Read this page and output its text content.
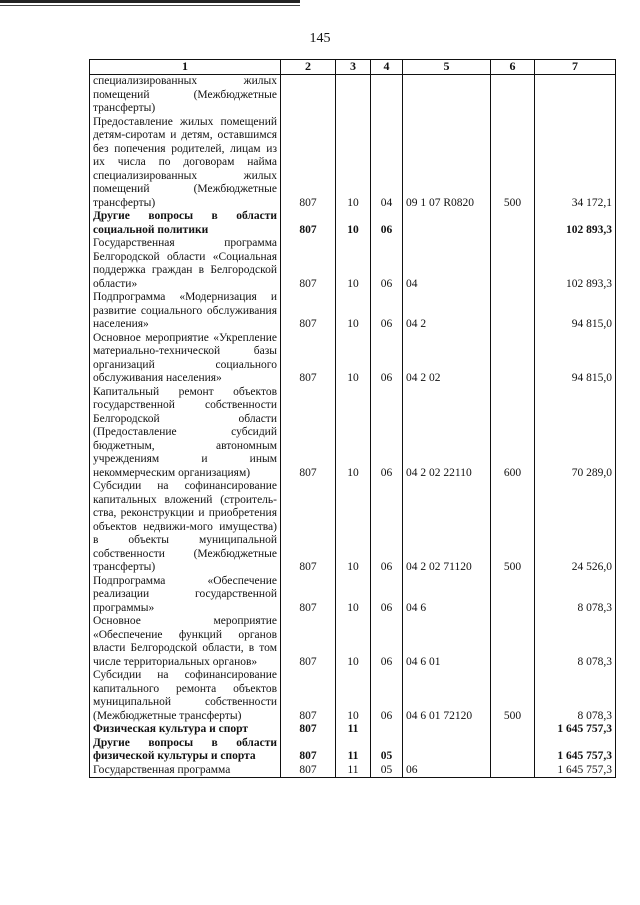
145
1	2	3	4	5	6	7
специализированных жилых помещений (Межбюджетные трансферты)						
Предоставление жилых помещений детям-сиротам и детям, оставшимся без попечения родителей, лицам из их числа по договорам найма специализированных жилых помещений (Межбюджетные трансферты)	807	10	04	09 1 07 R0820	500	34 172,1
Другие вопросы в области социальной политики	807	10	06			102 893,3
Государственная программа Белгородской области «Социальная поддержка граждан в Белгородской области»	807	10	06	04		102 893,3
Подпрограмма «Модернизация и развитие социального обслуживания населения»	807	10	06	04 2		94 815,0
Основное мероприятие «Укрепление материально-технической базы организаций социального обслуживания населения»	807	10	06	04 2 02		94 815,0
Капитальный ремонт объектов государственной собственности Белгородской области (Предоставление субсидий бюджетным, автономным учреждениям и иным некоммерческим организациям)	807	10	06	04 2 02 22110	600	70 289,0
Субсидии на софинансирование капитальных вложений (строитель-ства, реконструкции и приобретения объектов недвижи-мого имущества) в объекты муниципальной собственности (Межбюджетные трансферты)	807	10	06	04 2 02 71120	500	24 526,0
Подпрограмма «Обеспечение реализации государственной программы»	807	10	06	04 6		8 078,3
Основное мероприятие «Обеспечение функций органов власти Белгородской области, в том числе территориальных органов»	807	10	06	04 6 01		8 078,3
Субсидии на софинансирование капитального ремонта объектов муниципальной собственности (Межбюджетные трансферты)	807	10	06	04 6 01 72120	500	8 078,3
Физическая культура и спорт	807	11				1 645 757,3
Другие вопросы в области физической культуры и спорта	807	11	05			1 645 757,3
Государственная программа	807	11	05	06		1 645 757,3
